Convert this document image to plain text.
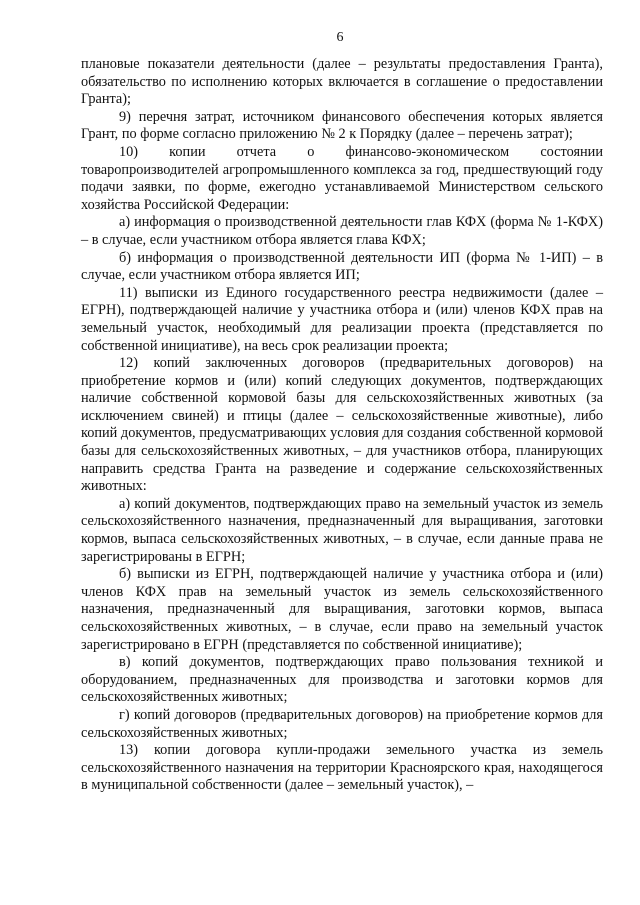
6

плановые показатели деятельности (далее – результаты предоставления Гранта), обязательство по исполнению которых включается в соглашение о предоставлении Гранта);

9) перечня затрат, источником финансового обеспечения которых является Грант, по форме согласно приложению № 2 к Порядку (далее – перечень затрат);

10) копии отчета о финансово-экономическом состоянии товаропроизводителей агропромышленного комплекса за год, предшествующий году подачи заявки, по форме, ежегодно устанавливаемой Министерством сельского хозяйства Российской Федерации:

а) информация о производственной деятельности глав КФХ (форма № 1-КФХ) – в случае, если участником отбора является глава КФХ;

б) информация о производственной деятельности ИП (форма № 1-ИП) – в случае, если участником отбора является ИП;

11) выписки из Единого государственного реестра недвижимости (далее – ЕГРН), подтверждающей наличие у участника отбора и (или) членов КФХ прав на земельный участок, необходимый для реализации проекта (представляется по собственной инициативе), на весь срок реализации проекта;

12) копий заключенных договоров (предварительных договоров) на приобретение кормов и (или) копий следующих документов, подтверждающих наличие собственной кормовой базы для сельскохозяйственных животных (за исключением свиней) и птицы (далее – сельскохозяйственные животные), либо копий документов, предусматривающих условия для создания собственной кормовой базы для сельскохозяйственных животных, – для участников отбора, планирующих направить средства Гранта на разведение и содержание сельскохозяйственных животных:

а) копий документов, подтверждающих право на земельный участок из земель сельскохозяйственного назначения, предназначенный для выращивания, заготовки кормов, выпаса сельскохозяйственных животных, – в случае, если данные права не зарегистрированы в ЕГРН;

б) выписки из ЕГРН, подтверждающей наличие у участника отбора и (или) членов КФХ прав на земельный участок из земель сельскохозяйственного назначения, предназначенный для выращивания, заготовки кормов, выпаса сельскохозяйственных животных, – в случае, если право на земельный участок зарегистрировано в ЕГРН (представляется по собственной инициативе);

в) копий документов, подтверждающих право пользования техникой и оборудованием, предназначенных для производства и заготовки кормов для сельскохозяйственных животных;

г) копий договоров (предварительных договоров) на приобретение кормов для сельскохозяйственных животных;

13) копии договора купли-продажи земельного участка из земель сельскохозяйственного назначения на территории Красноярского края, находящегося в муниципальной собственности (далее – земельный участок), –
